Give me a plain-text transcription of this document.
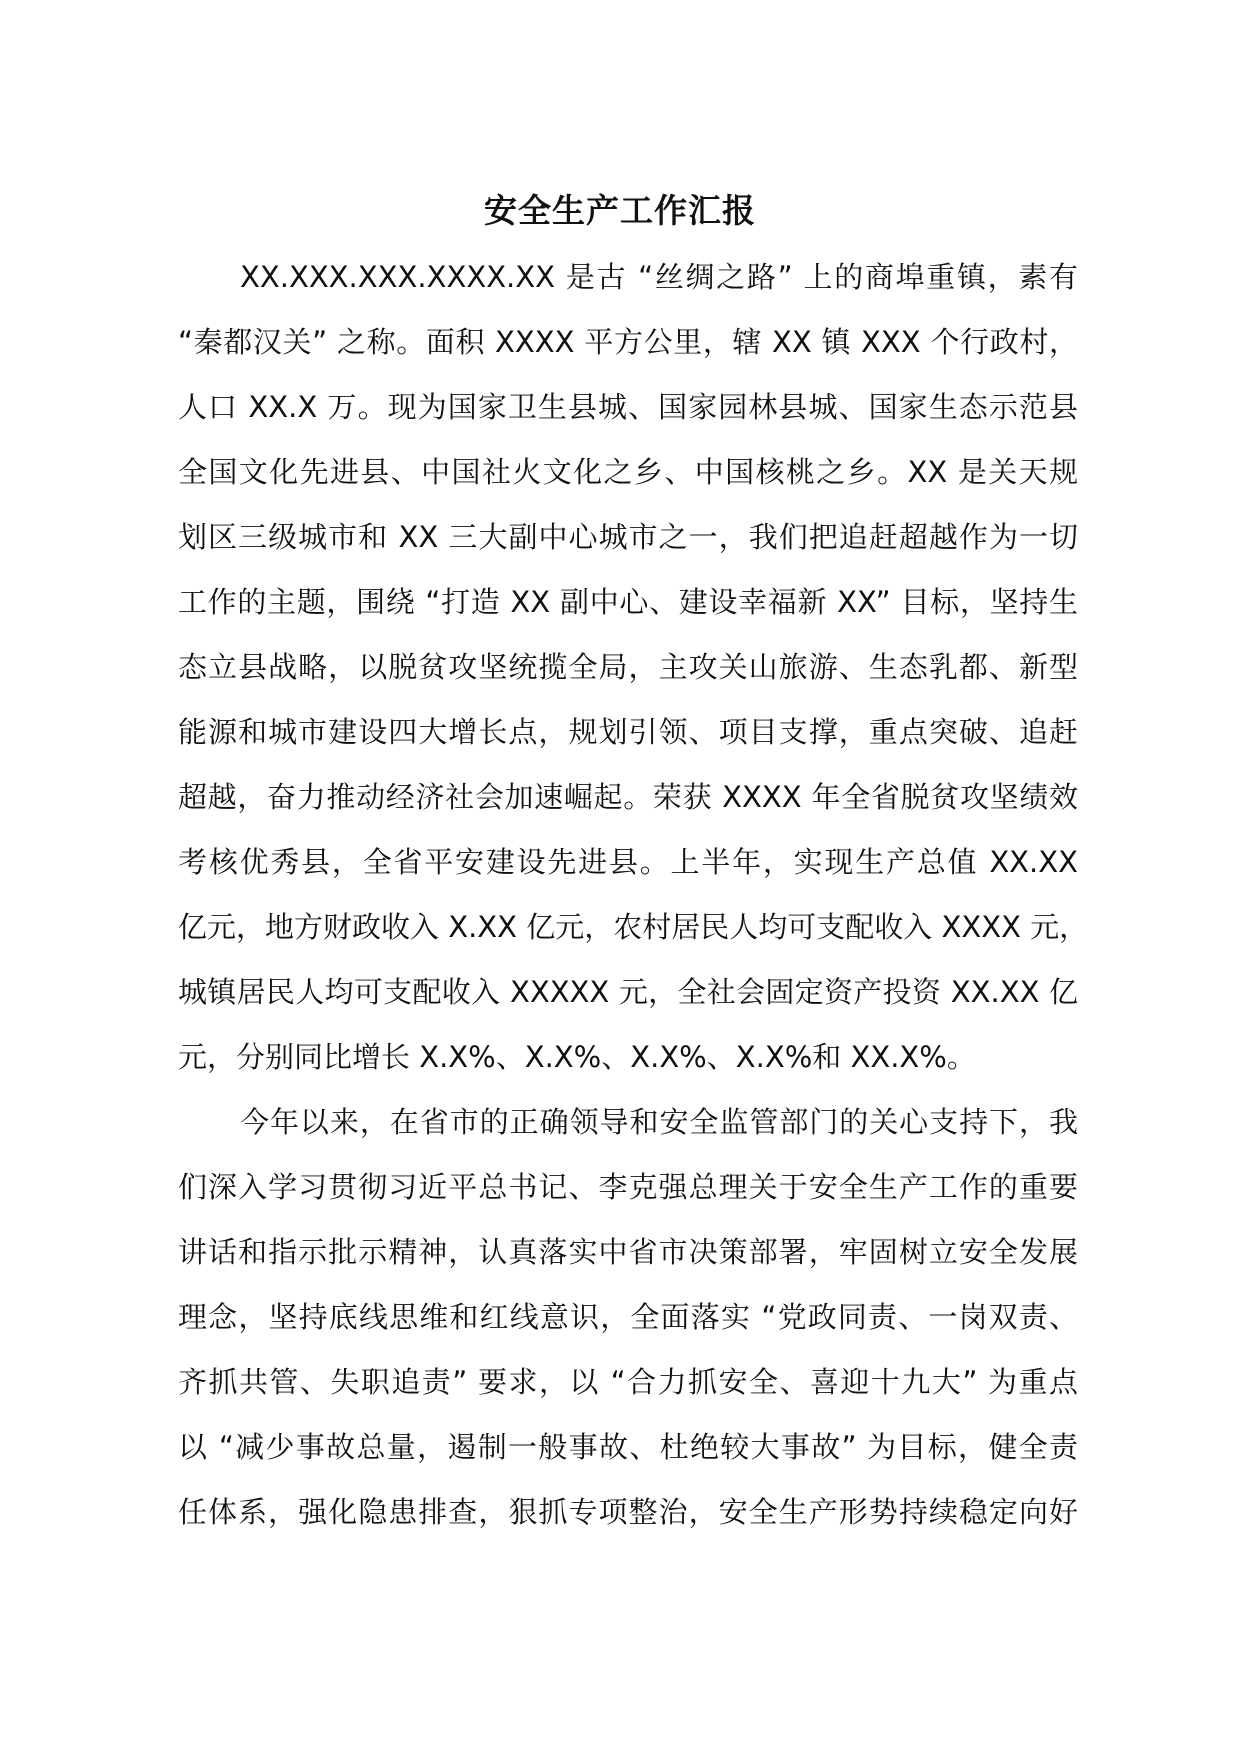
安全生产工作汇报
XX.XXX.XXX.XXXX.XX 是古 “丝绸之路” 上的商埠重镇，素有
“秦都汉关” 之称。面积 XXXX 平方公里，辖 XX 镇 XXX 个行政村，
人口 XX.X 万。现为国家卫生县城、国家园林县城、国家生态示范县
全国文化先进县、中国社火文化之乡、中国核桃之乡。XX 是关天规
划区三级城市和 XX 三大副中心城市之一，我们把追赶超越作为一切
工作的主题，围绕 “打造 XX 副中心、建设幸福新 XX” 目标，坚持生
态立县战略，以脱贫攻坚统揽全局，主攻关山旅游、生态乳都、新型
能源和城市建设四大增长点，规划引领、项目支撑，重点突破、追赶
超越，奋力推动经济社会加速崛起。荣获 XXXX 年全省脱贫攻坚绩效
考核优秀县，全省平安建设先进县。上半年，实现生产总值 XX.XX
亿元，地方财政收入 X.XX 亿元，农村居民人均可支配收入 XXXX 元，
城镇居民人均可支配收入 XXXXX 元，全社会固定资产投资 XX.XX 亿
元，分别同比增长 X.X%、X.X%、X.X%、X.X%和 XX.X%。
今年以来，在省市的正确领导和安全监管部门的关心支持下，我
们深入学习贯彻习近平总书记、李克强总理关于安全生产工作的重要
讲话和指示批示精神，认真落实中省市决策部署，牢固树立安全发展
理念，坚持底线思维和红线意识，全面落实 “党政同责、一岗双责、
齐抓共管、失职追责” 要求，以 “合力抓安全、喜迎十九大” 为重点
以 “减少事故总量，遏制一般事故、杜绝较大事故” 为目标，健全责
任体系，强化隐患排查，狠抓专项整治，安全生产形势持续稳定向好
